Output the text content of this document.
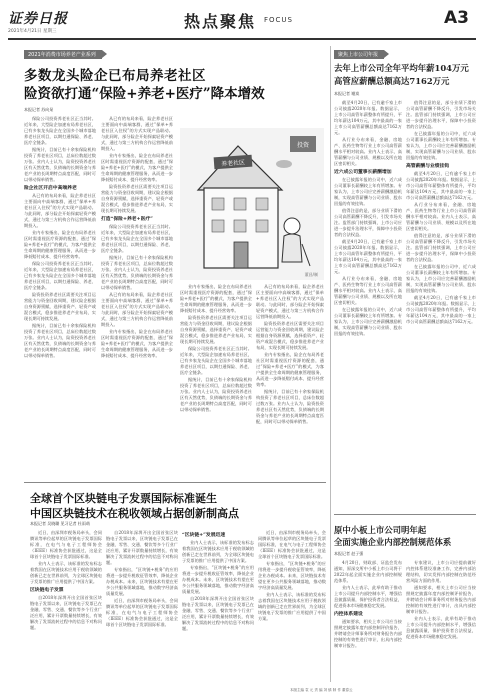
证券日报
2021年4月21日 星期三
热点聚焦 FOCUS	A3
2021年消费市场养老产业系列
多数龙头险企已布局养老社区
险资欲打通“保险+养老+医疗”降本增效
本报记者 苏向杲

保险公司投资养老社区正当其时。近年来，大型险企加速布局养老社区，已有多家龙头险企在全国多个城市落地养老社区项目，以期打通保险、养老、医疗全链条。

据统计，目前已有十余家保险机构投资了养老社区项目，总床位数超过数万张。业内人士认为，险资投资养老社区有天然优势，负债端的长期资金与养老产业的长周期特点高度匹配，同时可以带动保单销售。

险企社区开启中高端养老

从已有的布局来看，险企养老社区主要面向中高端客群，通过“保单+养老社区入住权”的方式实现产品联动。与此同时，部分险企开始探索轻资产模式，通过与第三方机构合作运营降低前期投入。

业内专家指出，险企在布局养老社区时需重视医疗资源的配套，通过“保险+养老+医疗”的模式，为客户提供全生命周期的健康管理服务，从而进一步降低赔付成本、提升经营效率。

保险公司投资养老社区正当其时。近年来，大型险企加速布局养老社区，已有多家龙头险企在全国多个城市落地养老社区项目，以期打通保险、养老、医疗全链条。

险资投资养老社区需要关注项目运营能力与资金回收周期，建议险企根据自身资源禀赋，选择重资产、轻资产或混合模式，稳步推进养老产业布局，实现长期可持续发展。

据统计，目前已有十余家保险机构投资了养老社区项目，总床位数超过数万张。业内人士认为，险资投资养老社区有天然优势，负债端的长期资金与养老产业的长周期特点高度匹配，同时可以带动保单销售。

从已有的布局来看，险企养老社区主要面向中高端客群，通过“保单+养老社区入住权”的方式实现产品联动。与此同时，部分险企开始探索轻资产模式，通过与第三方机构合作运营降低前期投入。

业内专家指出，险企在布局养老社区时需重视医疗资源的配套，通过“保险+养老+医疗”的模式，为客户提供全生命周期的健康管理服务，从而进一步降低赔付成本、提升经营效率。

险资投资养老社区需要关注项目运营能力与资金回收周期，建议险企根据自身资源禀赋，选择重资产、轻资产或混合模式，稳步推进养老产业布局，实现长期可持续发展。

打造“保险+养老+医疗”

保险公司投资养老社区正当其时。近年来，大型险企加速布局养老社区，已有多家龙头险企在全国多个城市落地养老社区项目，以期打通保险、养老、医疗全链条。

据统计，目前已有十余家保险机构投资了养老社区项目，总床位数超过数万张。业内人士认为，险资投资养老社区有天然优势，负债端的长期资金与养老产业的长周期特点高度匹配，同时可以带动保单销售。

从已有的布局来看，险企养老社区主要面向中高端客群，通过“保单+养老社区入住权”的方式实现产品联动。与此同时，部分险企开始探索轻资产模式，通过与第三方机构合作运营降低前期投入。

业内专家指出，险企在布局养老社区时需重视医疗资源的配套，通过“保险+养老+医疗”的模式，为客户提供全生命周期的健康管理服务，从而进一步降低赔付成本、提升经营效率。

投资
养老社区
董昌/制

业内专家指出，险企在布局养老社区时需重视医疗资源的配套，通过“保险+养老+医疗”的模式，为客户提供全生命周期的健康管理服务，从而进一步降低赔付成本、提升经营效率。

险资投资养老社区需要关注项目运营能力与资金回收周期，建议险企根据自身资源禀赋，选择重资产、轻资产或混合模式，稳步推进养老产业布局，实现长期可持续发展。

保险公司投资养老社区正当其时。近年来，大型险企加速布局养老社区，已有多家龙头险企在全国多个城市落地养老社区项目，以期打通保险、养老、医疗全链条。

据统计，目前已有十余家保险机构投资了养老社区项目，总床位数超过数万张。业内人士认为，险资投资养老社区有天然优势，负债端的长期资金与养老产业的长周期特点高度匹配，同时可以带动保单销售。

从已有的布局来看，险企养老社区主要面向中高端客群，通过“保单+养老社区入住权”的方式实现产品联动。与此同时，部分险企开始探索轻资产模式，通过与第三方机构合作运营降低前期投入。

险资投资养老社区需要关注项目运营能力与资金回收周期，建议险企根据自身资源禀赋，选择重资产、轻资产或混合模式，稳步推进养老产业布局，实现长期可持续发展。

业内专家指出，险企在布局养老社区时需重视医疗资源的配套，通过“保险+养老+医疗”的模式，为客户提供全生命周期的健康管理服务，从而进一步降低赔付成本、提升经营效率。

据统计，目前已有十余家保险机构投资了养老社区项目，总床位数超过数万张。业内人士认为，险资投资养老社区有天然优势，负债端的长期资金与养老产业的长周期特点高度匹配，同时可以带动保单销售。

聚焦上市公司年报
去年上市公司全年平均年薪104万元
高管应薪酬总额高达7162万元
本报记者 谢岚

截至4月20日，已有逾千家上市公司披露2020年年报。数据显示，上市公司高管年薪整体有所提升，平均年薪达104万元，其中最高的一家上市公司高管薪酬总额高达7162万元。

从行业分布来看，金融、房地产、医药生物等行业上市公司高管薪酬水平相对较高。业内人士表示，高管薪酬与公司业绩、规模以及所在地区密切相关。

近六成公司董事长薪酬增加

在已披露年报的公司中，近六成公司董事长薪酬较上年有所增加。专家认为，上市公司应完善薪酬激励机制，实现高管薪酬与公司业绩、股东回报的有效挂钩。

值得注意的是，部分业绩下滑的公司高管薪酬不降反升，引发市场关注。监管部门持续强调，上市公司应进一步提升治理水平，保障中小投资者的合法权益。

截至4月20日，已有逾千家上市公司披露2020年年报。数据显示，上市公司高管年薪整体有所提升，平均年薪达104万元，其中最高的一家上市公司高管薪酬总额高达7162万元。

从行业分布来看，金融、房地产、医药生物等行业上市公司高管薪酬水平相对较高。业内人士表示，高管薪酬与公司业绩、规模以及所在地区密切相关。

在已披露年报的公司中，近六成公司董事长薪酬较上年有所增加。专家认为，上市公司应完善薪酬激励机制，实现高管薪酬与公司业绩、股东回报的有效挂钩。

值得注意的是，部分业绩下滑的公司高管薪酬不降反升，引发市场关注。监管部门持续强调，上市公司应进一步提升治理水平，保障中小投资者的合法权益。

在已披露年报的公司中，近六成公司董事长薪酬较上年有所增加。专家认为，上市公司应完善薪酬激励机制，实现高管薪酬与公司业绩、股东回报的有效挂钩。

高管薪酬与业绩挂钩

截至4月20日，已有逾千家上市公司披露2020年年报。数据显示，上市公司高管年薪整体有所提升，平均年薪达104万元，其中最高的一家上市公司高管薪酬总额高达7162万元。

从行业分布来看，金融、房地产、医药生物等行业上市公司高管薪酬水平相对较高。业内人士表示，高管薪酬与公司业绩、规模以及所在地区密切相关。

值得注意的是，部分业绩下滑的公司高管薪酬不降反升，引发市场关注。监管部门持续强调，上市公司应进一步提升治理水平，保障中小投资者的合法权益。

在已披露年报的公司中，近六成公司董事长薪酬较上年有所增加。专家认为，上市公司应完善薪酬激励机制，实现高管薪酬与公司业绩、股东回报的有效挂钩。

截至4月20日，已有逾千家上市公司披露2020年年报。数据显示，上市公司高管年薪整体有所提升，平均年薪达104万元，其中最高的一家上市公司高管薪酬总额高达7162万元。

全球首个区块链电子发票国际标准诞生
中国区块链技术在税收领域占据创新制高点
本报记者 吴晓璐 见习记者 杜雨萌

近日，由深圳市税务局牵头，会同腾讯等单位起草的区块链电子发票国际标准，在电气与电子工程师协会（IEEE）标准协会获批通过，这是全球首个区块链电子发票国际标准。

业内人士表示，该标准的发布标志着我国在区块链技术应用于税收领域的创新已走在世界前列，为全球区块链电子发票的推广应用提供了中国方案。

区块链电子发票

自2018年深圳开出全国首张区块链电子发票以来，区块链电子发票已在金融、零售、交通、餐饮等多个行业广泛应用，累计开票数量持续增长，有效解决了发票流转过程中的信息不对称问题。

自2018年深圳开出全国首张区块链电子发票以来，区块链电子发票已在金融、零售、交通、餐饮等多个行业广泛应用，累计开票数量持续增长，有效解决了发票流转过程中的信息不对称问题。

专家指出，“区块链+税务”的应用将进一步提升税收征管效率，降低企业办税成本。未来，区块链技术有望在更多公共服务领域落地，推动数字经济高质量发展。

近日，由深圳市税务局牵头，会同腾讯等单位起草的区块链电子发票国际标准，在电气与电子工程师协会（IEEE）标准协会获批通过，这是全球首个区块链电子发票国际标准。

“区块链+”发展迅速

业内人士表示，该标准的发布标志着我国在区块链技术应用于税收领域的创新已走在世界前列，为全球区块链电子发票的推广应用提供了中国方案。

专家指出，“区块链+税务”的应用将进一步提升税收征管效率，降低企业办税成本。未来，区块链技术有望在更多公共服务领域落地，推动数字经济高质量发展。

自2018年深圳开出全国首张区块链电子发票以来，区块链电子发票已在金融、零售、交通、餐饮等多个行业广泛应用，累计开票数量持续增长，有效解决了发票流转过程中的信息不对称问题。

近日，由深圳市税务局牵头，会同腾讯等单位起草的区块链电子发票国际标准，在电气与电子工程师协会（IEEE）标准协会获批通过，这是全球首个区块链电子发票国际标准。

专家指出，“区块链+税务”的应用将进一步提升税收征管效率，降低企业办税成本。未来，区块链技术有望在更多公共服务领域落地，推动数字经济高质量发展。

业内人士表示，该标准的发布标志着我国在区块链技术应用于税收领域的创新已走在世界前列，为全球区块链电子发票的推广应用提供了中国方案。

原中小板上市公司明年起
全面实施企业内部控制规范体系
本报记者 赵子强

4月20日，财政部、证监会发布通知，原深交所中小板上市公司将于2022年起全面实施企业内部控制规范体系。

业内人士表示，此举有助于推动上市公司提升内部控制水平，增强信息披露质量，保护投资者合法权益，促进资本市场健康稳定发展。

内控体系建设

通知要求，相关上市公司应当按照规定披露年度内部控制评价报告，并聘请会计师事务所对财务报告内部控制的有效性进行审计，出具内部控制审计报告。

专家建议，上市公司应提前做好内控体系建设准备工作，完善内部治理结构，切实发挥内部控制在防范经营风险方面的作用。

通知要求，相关上市公司应当按照规定披露年度内部控制评价报告，并聘请会计师事务所对财务报告内部控制的有效性进行审计，出具内部控制审计报告。

业内人士表示，此举有助于推动上市公司提升内部控制水平，增强信息披露质量，保护投资者合法权益，促进资本市场健康稳定发展。

本版主编 袁 元 责 编 刘 慎 制 作 董春云
